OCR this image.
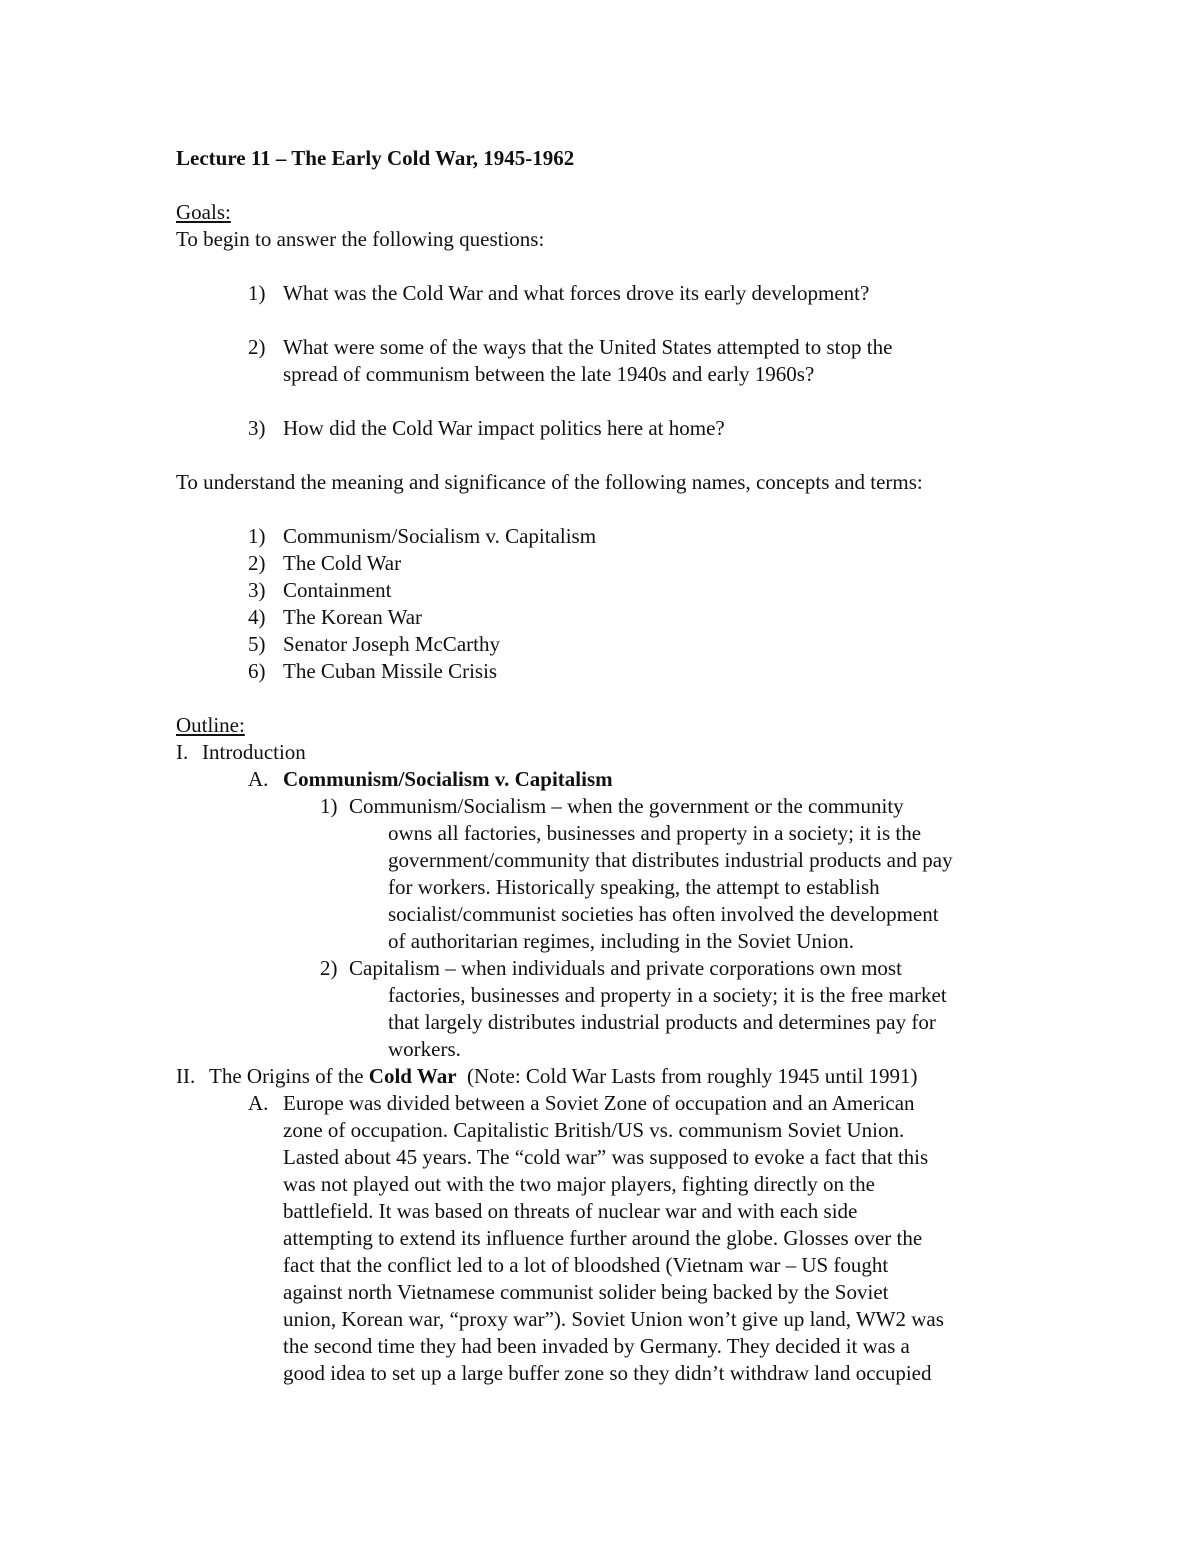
Lecture 11 – The Early Cold War, 1945-1962
Goals:
To begin to answer the following questions:
1) What was the Cold War and what forces drove its early development?
2) What were some of the ways that the United States attempted to stop the
spread of communism between the late 1940s and early 1960s?
3) How did the Cold War impact politics here at home?
To understand the meaning and significance of the following names, concepts and terms:
1) Communism/Socialism v. Capitalism
2) The Cold War
3) Containment
4) The Korean War
5) Senator Joseph McCarthy
6) The Cuban Missile Crisis
Outline:
I. Introduction
A. Communism/Socialism v. Capitalism
1) Communism/Socialism – when the government or the community
owns all factories, businesses and property in a society; it is the
government/community that distributes industrial products and pay
for workers. Historically speaking, the attempt to establish
socialist/communist societies has often involved the development
of authoritarian regimes, including in the Soviet Union.
2) Capitalism – when individuals and private corporations own most
factories, businesses and property in a society; it is the free market
that largely distributes industrial products and determines pay for
workers.
II. The Origins of the Cold War  (Note: Cold War Lasts from roughly 1945 until 1991)
A. Europe was divided between a Soviet Zone of occupation and an American
zone of occupation. Capitalistic British/US vs. communism Soviet Union.
Lasted about 45 years. The “cold war” was supposed to evoke a fact that this
was not played out with the two major players, fighting directly on the
battlefield. It was based on threats of nuclear war and with each side
attempting to extend its influence further around the globe. Glosses over the
fact that the conflict led to a lot of bloodshed (Vietnam war – US fought
against north Vietnamese communist solider being backed by the Soviet
union, Korean war, “proxy war”). Soviet Union won’t give up land, WW2 was
the second time they had been invaded by Germany. They decided it was a
good idea to set up a large buffer zone so they didn’t withdraw land occupied
